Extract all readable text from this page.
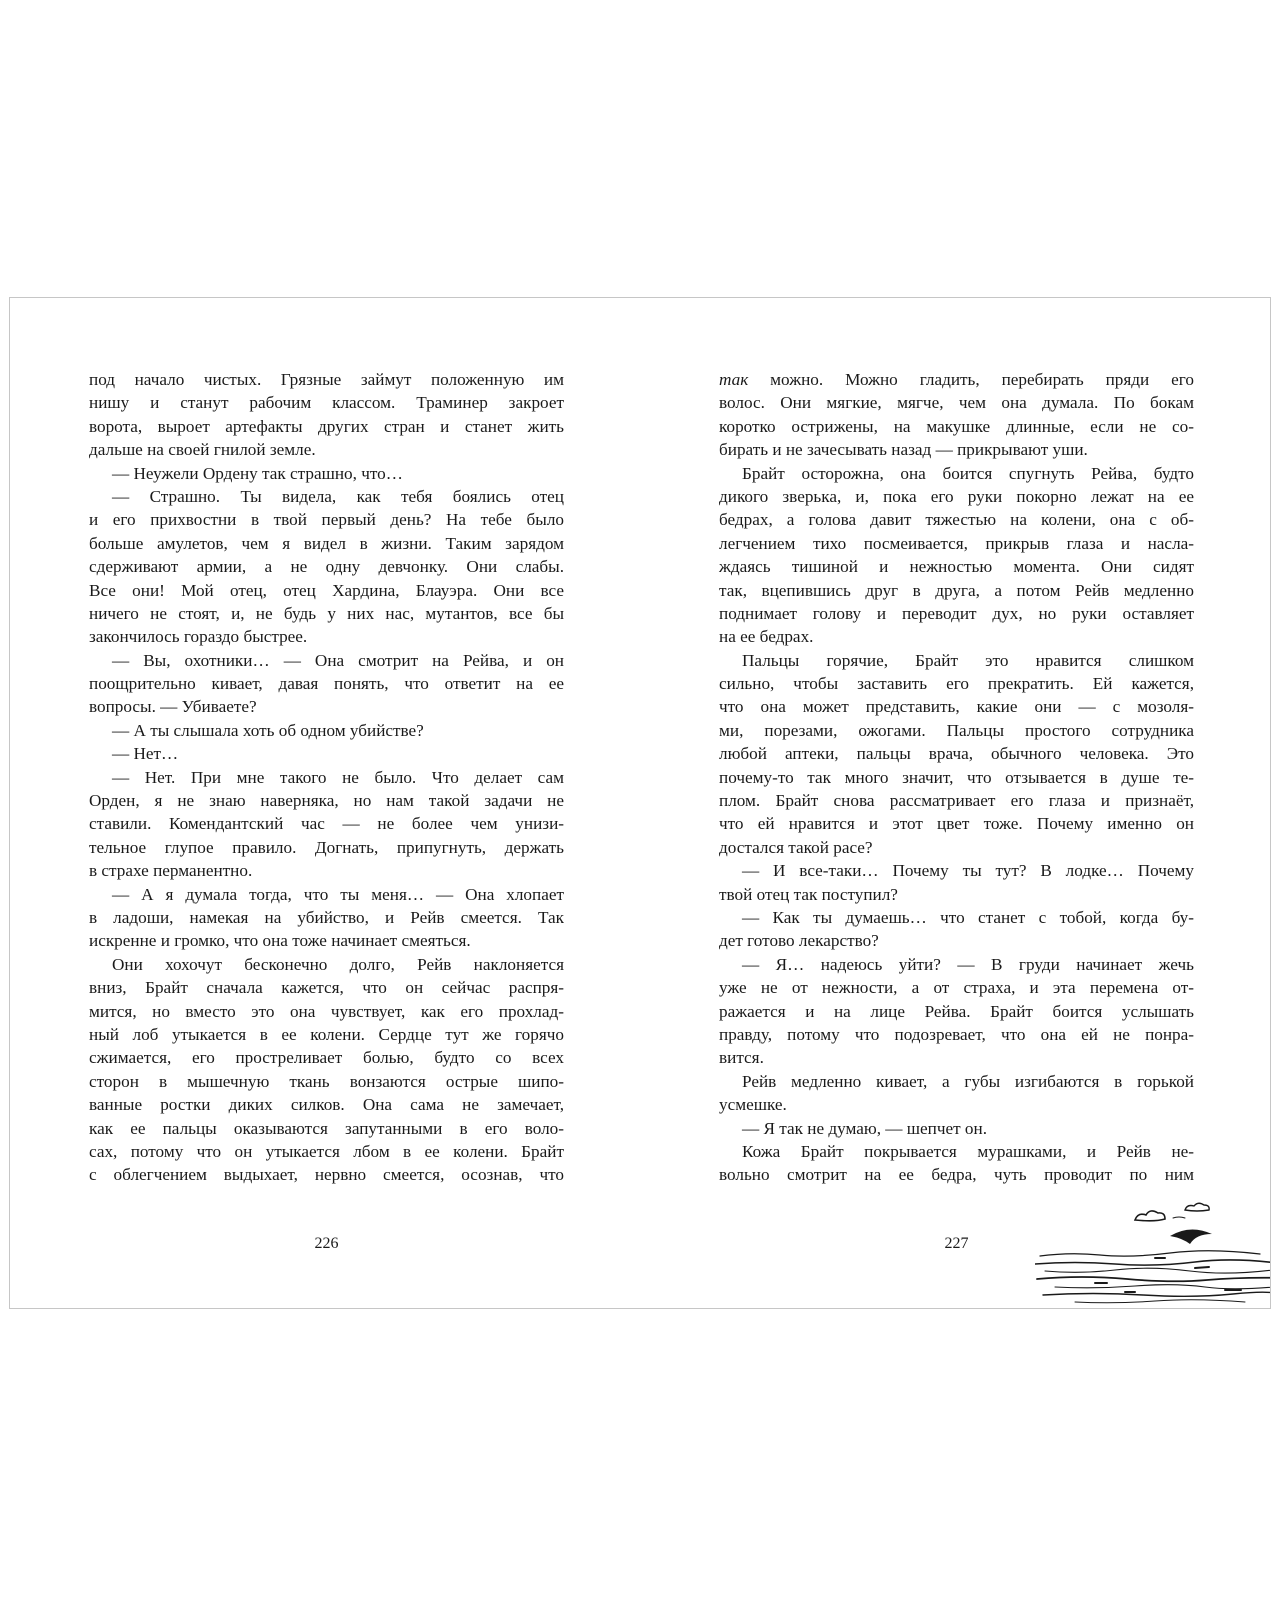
под начало чистых. Грязные займут положенную им
нишу и станут рабочим классом. Траминер закроет
ворота, выроет артефакты других стран и станет жить
дальше на своей гнилой земле.
— Неужели Ордену так страшно, что…
— Страшно. Ты видела, как тебя боялись отец
и его прихвостни в твой первый день? На тебе было
больше амулетов, чем я видел в жизни. Таким зарядом
сдерживают армии, а не одну девчонку. Они слабы.
Все они! Мой отец, отец Хардина, Блауэра. Они все
ничего не стоят, и, не будь у них нас, мутантов, все бы
закончилось гораздо быстрее.
— Вы, охотники… — Она смотрит на Рейва, и он
поощрительно кивает, давая понять, что ответит на ее
вопросы. — Убиваете?
— А ты слышала хоть об одном убийстве?
— Нет…
— Нет. При мне такого не было. Что делает сам
Орден, я не знаю наверняка, но нам такой задачи не
ставили. Комендантский час — не более чем унизи-
тельное глупое правило. Догнать, припугнуть, держать
в страхе перманентно.
— А я думала тогда, что ты меня… — Она хлопает
в ладоши, намекая на убийство, и Рейв смеется. Так
искренне и громко, что она тоже начинает смеяться.
Они хохочут бесконечно долго, Рейв наклоняется
вниз, Брайт сначала кажется, что он сейчас распря-
мится, но вместо это она чувствует, как его прохлад-
ный лоб утыкается в ее колени. Сердце тут же горячо
сжимается, его простреливает болью, будто со всех
сторон в мышечную ткань вонзаются острые шипо-
ванные ростки диких силков. Она сама не замечает,
как ее пальцы оказываются запутанными в его воло-
сах, потому что он утыкается лбом в ее колени. Брайт
с облегчением выдыхает, нервно смеется, осознав, что
так можно. Можно гладить, перебирать пряди его
волос. Они мягкие, мягче, чем она думала. По бокам
коротко острижены, на макушке длинные, если не со-
бирать и не зачесывать назад — прикрывают уши.
Брайт осторожна, она боится спугнуть Рейва, будто
дикого зверька, и, пока его руки покорно лежат на ее
бедрах, а голова давит тяжестью на колени, она с об-
легчением тихо посмеивается, прикрыв глаза и насла-
ждаясь тишиной и нежностью момента. Они сидят
так, вцепившись друг в друга, а потом Рейв медленно
поднимает голову и переводит дух, но руки оставляет
на ее бедрах.
Пальцы горячие, Брайт это нравится слишком
сильно, чтобы заставить его прекратить. Ей кажется,
что она может представить, какие они — с мозоля-
ми, порезами, ожогами. Пальцы простого сотрудника
любой аптеки, пальцы врача, обычного человека. Это
почему-то так много значит, что отзывается в душе те-
плом. Брайт снова рассматривает его глаза и признаёт,
что ей нравится и этот цвет тоже. Почему именно он
достался такой расе?
— И все-таки… Почему ты тут? В лодке… Почему
твой отец так поступил?
— Как ты думаешь… что станет с тобой, когда бу-
дет готово лекарство?
— Я… надеюсь уйти? — В груди начинает жечь
уже не от нежности, а от страха, и эта перемена от-
ражается и на лице Рейва. Брайт боится услышать
правду, потому что подозревает, что она ей не понра-
вится.
Рейв медленно кивает, а губы изгибаются в горькой
усмешке.
— Я так не думаю, — шепчет он.
Кожа Брайт покрывается мурашками, и Рейв не-
вольно смотрит на ее бедра, чуть проводит по ним
226	227
